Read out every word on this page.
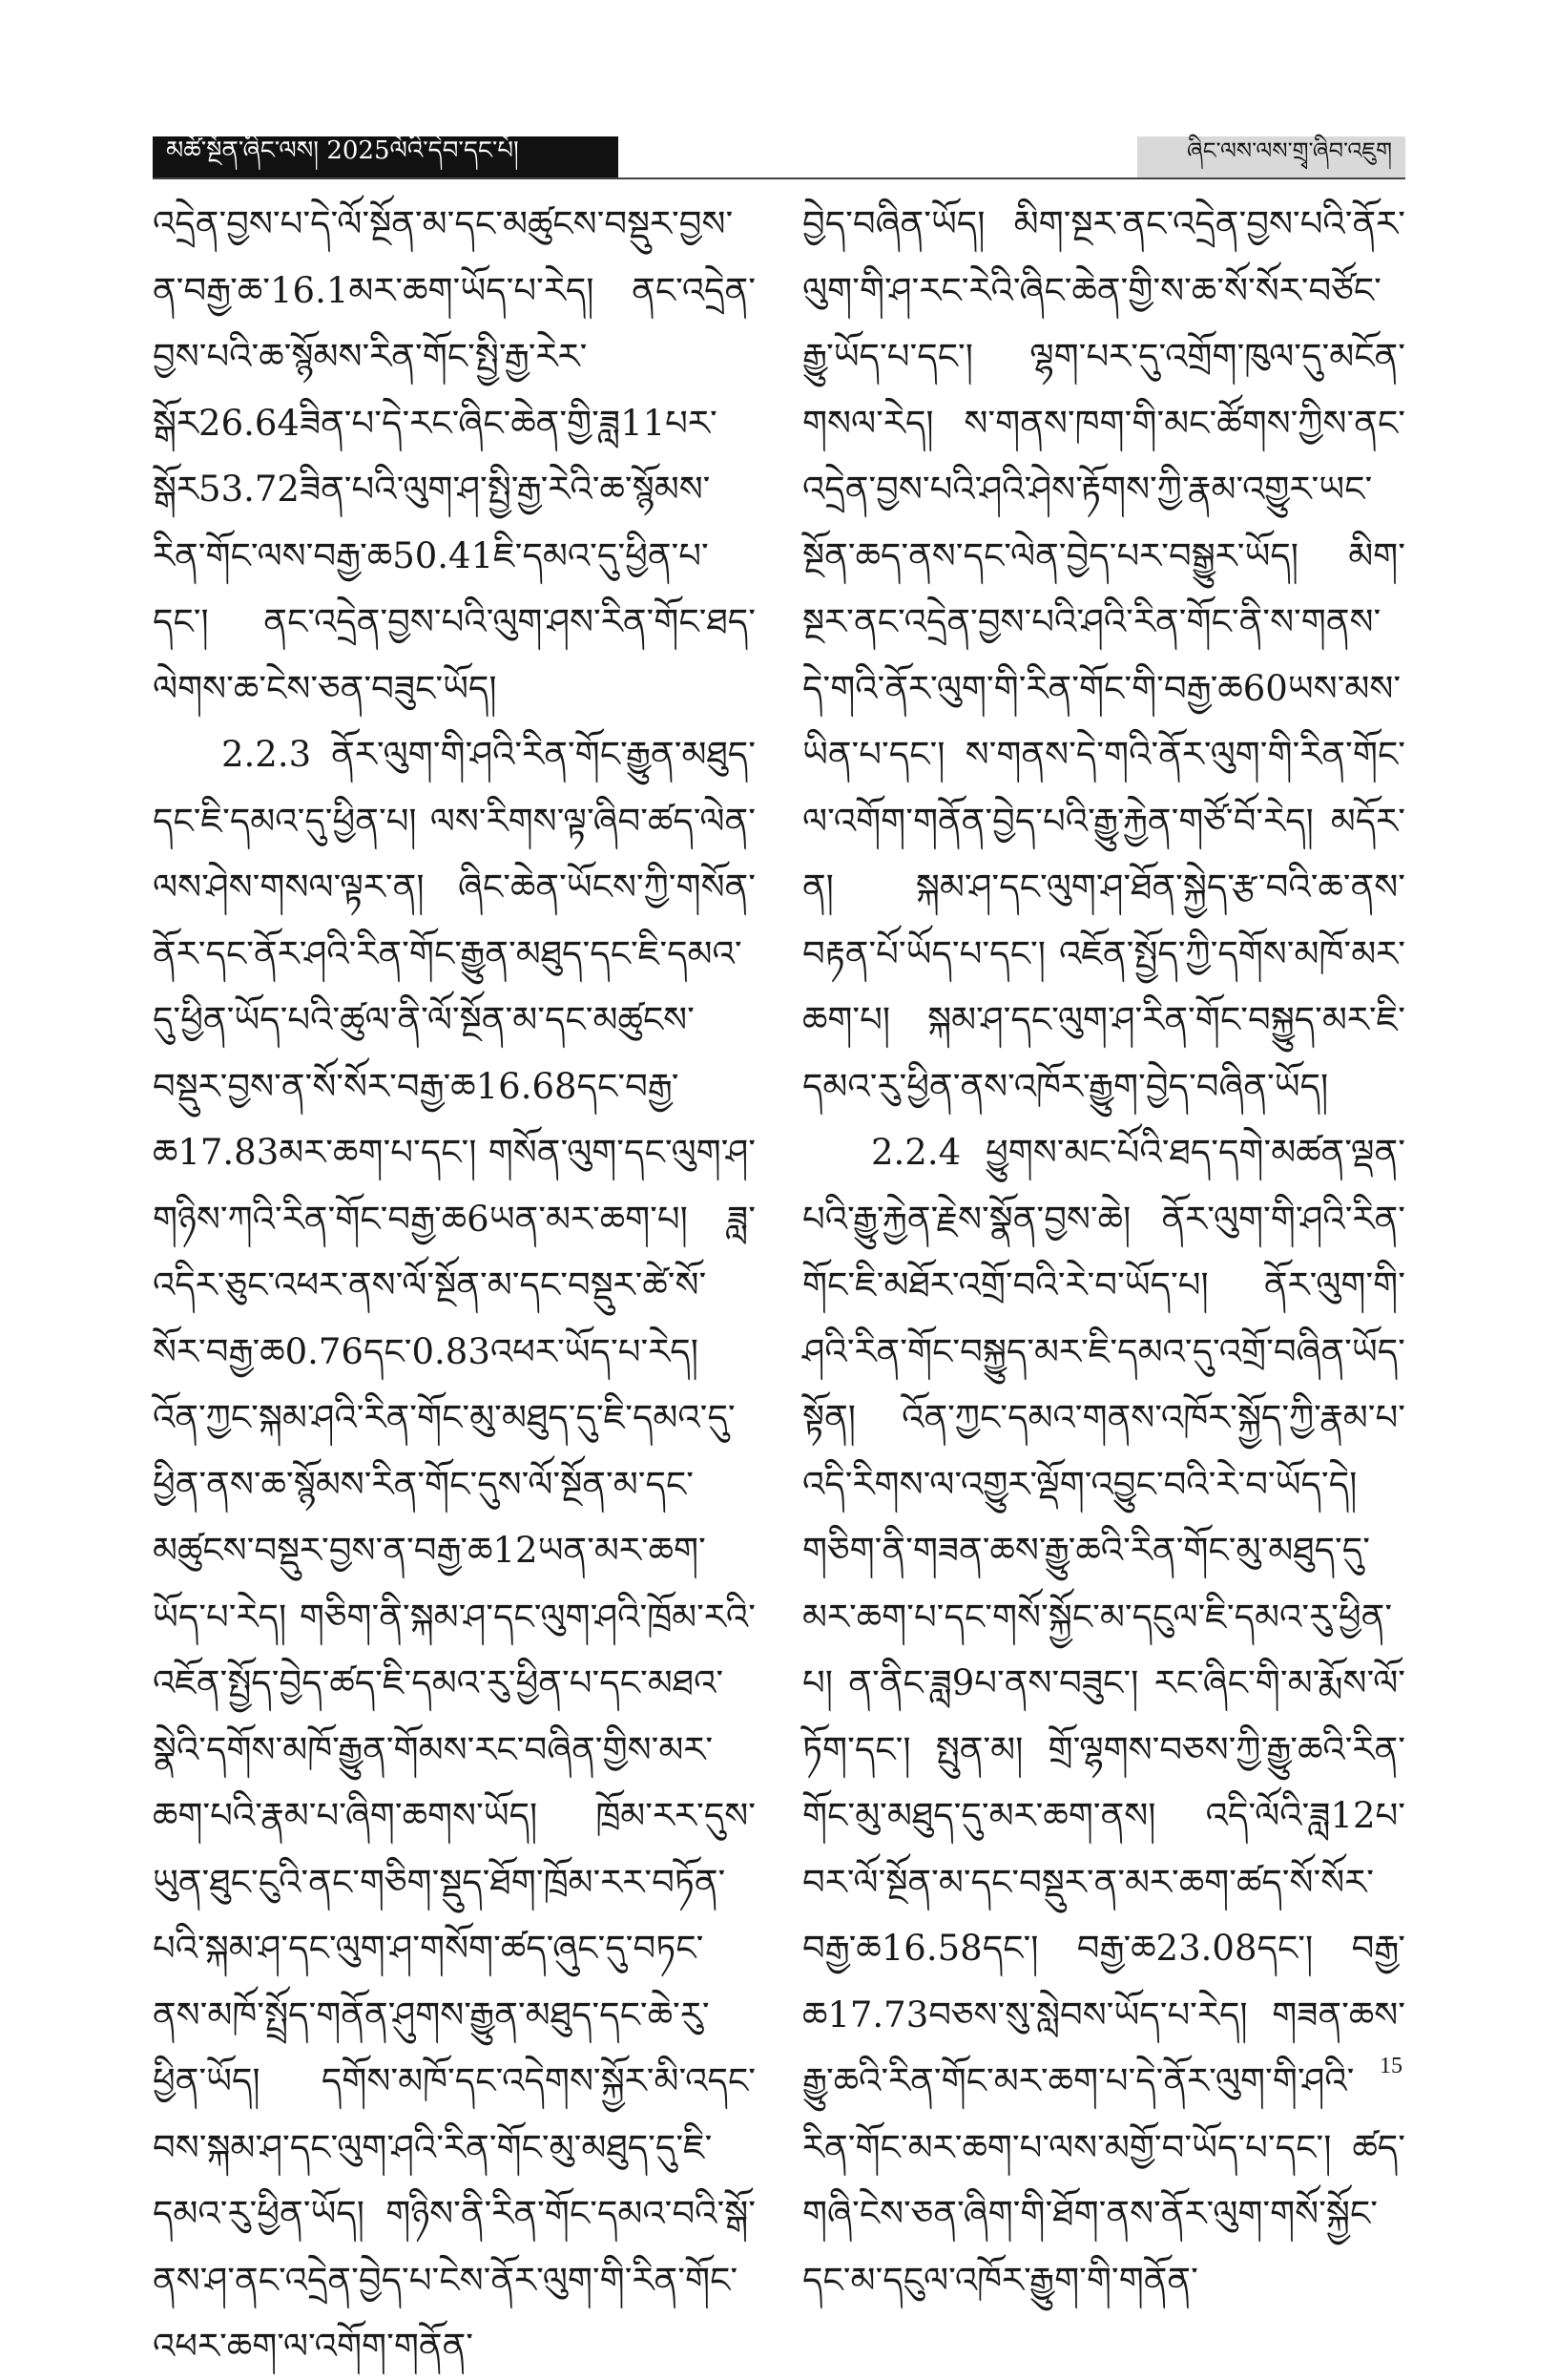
མཚོ་སྔོན་ཞིང་ལས། 2025ལོའི་དེབ་དང་པོ།	ཞིང་ལས་ལས་གྲྭ་ཞིབ་འཇུག

འདྲེན་བྱས་པ་དེ་ལོ་སྔོན་མ་དང་མཚུངས་བསྡུར་བྱས་ན་བརྒྱ་ཆ་16.1མར་ཆག་ཡོད་པ་རེད། ནང་འདྲེན་བྱས་པའི་ཆ་སྙོམས་རིན་གོང་སྤྱི་རྒྱ་རེར་སྒོར26.64ཟིན་པ་དེ་རང་ཞིང་ཆེན་གྱི་ཟླ11པར་སྒོར53.72ཟིན་པའི་ལུག་ཤ་སྤྱི་རྒྱ་རེའི་ཆ་སྙོམས་རིན་གོང་ལས་བརྒྱ་ཆ50.41ཇི་དམའ་དུ་ཕྱིན་པ་དང་། ནང་འདྲེན་བྱས་པའི་ལུག་ཤས་རིན་གོང་ཐད་ལེགས་ཆ་ངེས་ཅན་བཟུང་ཡོད།

2.2.3 ནོར་ལུག་གི་ཤའི་རིན་གོང་རྒྱུན་མཐུད་དང་ཇི་དམའ་དུ་ཕྱིན་པ། ལས་རིགས་ལྟ་ཞིབ་ཚད་ལེན་ལས་ཤེས་གསལ་ལྟར་ན། ཞིང་ཆེན་ཡོངས་ཀྱི་གསོན་ནོར་དང་ནོར་ཤའི་རིན་གོང་རྒྱུན་མཐུད་དང་ཇི་དམའ་དུ་ཕྱིན་ཡོད་པའི་ཚུལ་ནི་ལོ་སྔོན་མ་དང་མཚུངས་བསྡུར་བྱས་ན་སོ་སོར་བརྒྱ་ཆ16.68དང་བརྒྱ་ཆ17.83མར་ཆག་པ་དང་། གསོན་ལུག་དང་ལུག་ཤ་གཉིས་ཀའི་རིན་གོང་བརྒྱ་ཆ6ཡན་མར་ཆག་པ། ཟླ་འདིར་ཅུང་འཕར་ནས་ལོ་སྔོན་མ་དང་བསྡུར་ཚེ་སོ་སོར་བརྒྱ་ཆ0.76དང་0.83འཕར་ཡོད་པ་རེད། འོན་ཀྱང་སྐམ་ཤའི་རིན་གོང་མུ་མཐུད་དུ་ཇི་དམའ་དུ་ཕྱིན་ནས་ཆ་སྙོམས་རིན་གོང་དུས་ལོ་སྔོན་མ་དང་མཚུངས་བསྡུར་བྱས་ན་བརྒྱ་ཆ12ཡན་མར་ཆག་ཡོད་པ་རེད། གཅིག་ནི་སྐམ་ཤ་དང་ལུག་ཤའི་ཁྲོམ་རའི་འཇོན་སྤྱོད་བྱེད་ཚད་ཇི་དམའ་རུ་ཕྱིན་པ་དང་མཐའ་སྣེའི་དགོས་མཁོ་རྒྱུན་གོམས་རང་བཞིན་གྱིས་མར་ཆག་པའི་རྣམ་པ་ཞིག་ཆགས་ཡོད། ཁྲོམ་རར་དུས་ཡུན་ཐུང་ངུའི་ནང་གཅིག་སྡུད་ཐོག་ཁྲོམ་རར་བཏོན་པའི་སྐམ་ཤ་དང་ལུག་ཤ་གསོག་ཚད་ཞུང་དུ་བཏང་ནས་མཁོ་སྤྲོད་གནོན་ཤུགས་རྒྱུན་མཐུད་དང་ཆེ་རུ་ཕྱིན་ཡོད། དགོས་མཁོ་དང་འདེགས་སྐྱོར་མི་འདང་བས་སྐམ་ཤ་དང་ལུག་ཤའི་རིན་གོང་མུ་མཐུད་དུ་ཇི་དམའ་རུ་ཕྱིན་ཡོད། གཉིས་ནི་རིན་གོང་དམའ་བའི་སྒོ་ནས་ཤ་ནང་འདྲེན་བྱེད་པ་ངེས་ནོར་ལུག་གི་རིན་གོང་འཕར་ཆག་ལ་འགོག་གནོན་

བྱེད་བཞིན་ཡོད། མིག་སྔར་ནང་འདྲེན་བྱས་པའི་ནོར་ལུག་གི་ཤ་རང་རེའི་ཞིང་ཆེན་གྱི་ས་ཆ་སོ་སོར་བཙོང་རྒྱུ་ཡོད་པ་དང་། ལྷག་པར་དུ་འགྲོག་ཁུལ་དུ་མངོན་གསལ་རེད། ས་གནས་ཁག་གི་མང་ཚོགས་ཀྱིས་ནང་འདྲེན་བྱས་པའི་ཤའི་ཤེས་རྟོགས་ཀྱི་རྣམ་འགྱུར་ཡང་སྔོན་ཆད་ནས་དང་ལེན་བྱེད་པར་བསྒྱུར་ཡོད། མིག་སྔར་ནང་འདྲེན་བྱས་པའི་ཤའི་རིན་གོང་ནི་ས་གནས་དེ་གའི་ནོར་ལུག་གི་རིན་གོང་གི་བརྒྱ་ཆ60ཡས་མས་ཡིན་པ་དང་། ས་གནས་དེ་གའི་ནོར་ལུག་གི་རིན་གོང་ལ་འགོག་གནོན་བྱེད་པའི་རྒྱུ་རྐྱེན་གཙོ་བོ་རེད། མདོར་ན། སྐམ་ཤ་དང་ལུག་ཤ་ཐོན་སྐྱེད་རྩ་བའི་ཆ་ནས་བརྟན་པོ་ཡོད་པ་དང་། འཇོན་སྤྱོད་ཀྱི་དགོས་མཁོ་མར་ཆག་པ། སྐམ་ཤ་དང་ལུག་ཤ་རིན་གོང་བསྐྱུད་མར་ཇི་དམའ་རུ་ཕྱིན་ནས་འཁོར་རྒྱུག་བྱེད་བཞིན་ཡོད།

2.2.4 ཕྱུགས་མང་པོའི་ཐད་དགེ་མཚན་ལྡན་པའི་རྒྱུ་རྐྱེན་རྗེས་སྣོན་བྱས་ཆེ། ནོར་ལུག་གི་ཤའི་རིན་གོང་ཇི་མཐོར་འགྲོ་བའི་རེ་བ་ཡོད་པ། ནོར་ལུག་གི་ཤའི་རིན་གོང་བསྐྱུད་མར་ཇི་དམའ་དུ་འགྲོ་བཞིན་ཡོད་སྟོན། འོན་ཀྱང་དམའ་གནས་འཁོར་སྐྱོད་ཀྱི་རྣམ་པ་འདི་རིགས་ལ་འགྱུར་ལྡོག་འབྱུང་བའི་རེ་བ་ཡོད་དེ། གཅིག་ནི་གཟན་ཆས་རྒྱུ་ཆའི་རིན་གོང་མུ་མཐུད་དུ་མར་ཆག་པ་དང་གསོ་སྐྱོང་མ་དངུལ་ཇི་དམའ་རུ་ཕྱིན་པ། ན་ནིང་ཟླ9པ་ནས་བཟུང་། རང་ཞིང་གི་མ་རྨོས་ལོ་ཏོག་དང་། སྤུན་མ། གྲོ་ལྷགས་བཅས་ཀྱི་རྒྱུ་ཆའི་རིན་གོང་མུ་མཐུད་དུ་མར་ཆག་ནས། འདི་ལོའི་ཟླ12པ་བར་ལོ་སྔོན་མ་དང་བསྡུར་ན་མར་ཆག་ཚད་སོ་སོར་བརྒྱ་ཆ16.58དང་། བརྒྱ་ཆ23.08དང་། བརྒྱ་ཆ17.73བཅས་སུ་སླེབས་ཡོད་པ་རེད། གཟན་ཆས་རྒྱུ་ཆའི་རིན་གོང་མར་ཆག་པ་དེ་ནོར་ལུག་གི་ཤའི་རིན་གོང་མར་ཆག་པ་ལས་མགྱོ་བ་ཡོད་པ་དང་། ཚད་གཞི་ངེས་ཅན་ཞིག་གི་ཐོག་ནས་ནོར་ལུག་གསོ་སྐྱོང་དང་མ་དངུལ་འཁོར་རྒྱུག་གི་གནོན་

15
